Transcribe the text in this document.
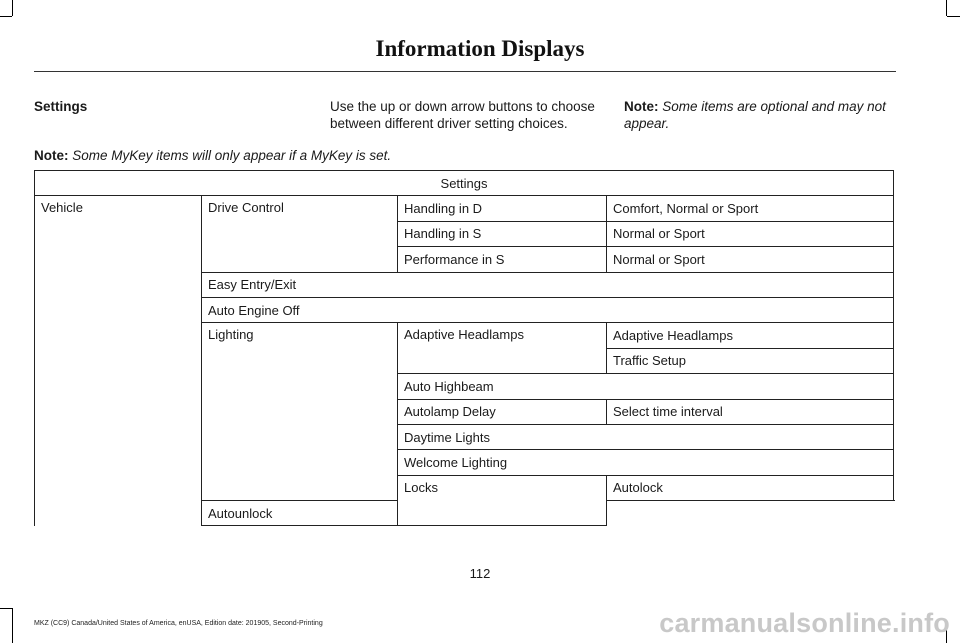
Information Displays
Settings	Use the up or down arrow buttons to choose between different driver setting choices.
Note: Some items are optional and may not appear.
Note: Some MyKey items will only appear if a MyKey is set.
Settings			
Vehicle	Drive Control	Handling in D	Comfort, Normal or Sport
		Handling in S	Normal or Sport
		Performance in S	Normal or Sport
	Easy Entry/Exit		
	Auto Engine Off		
	Lighting	Adaptive Headlamps	Adaptive Headlamps
			Traffic Setup
		Auto Highbeam	
		Autolamp Delay	Select time interval
		Daytime Lights	
		Welcome Lighting	
		Locks	Autolock
	Autounlock		
112
MKZ (CC9) Canada/United States of America, enUSA, Edition date: 201905, Second-Printing	carmanualsonline.info
